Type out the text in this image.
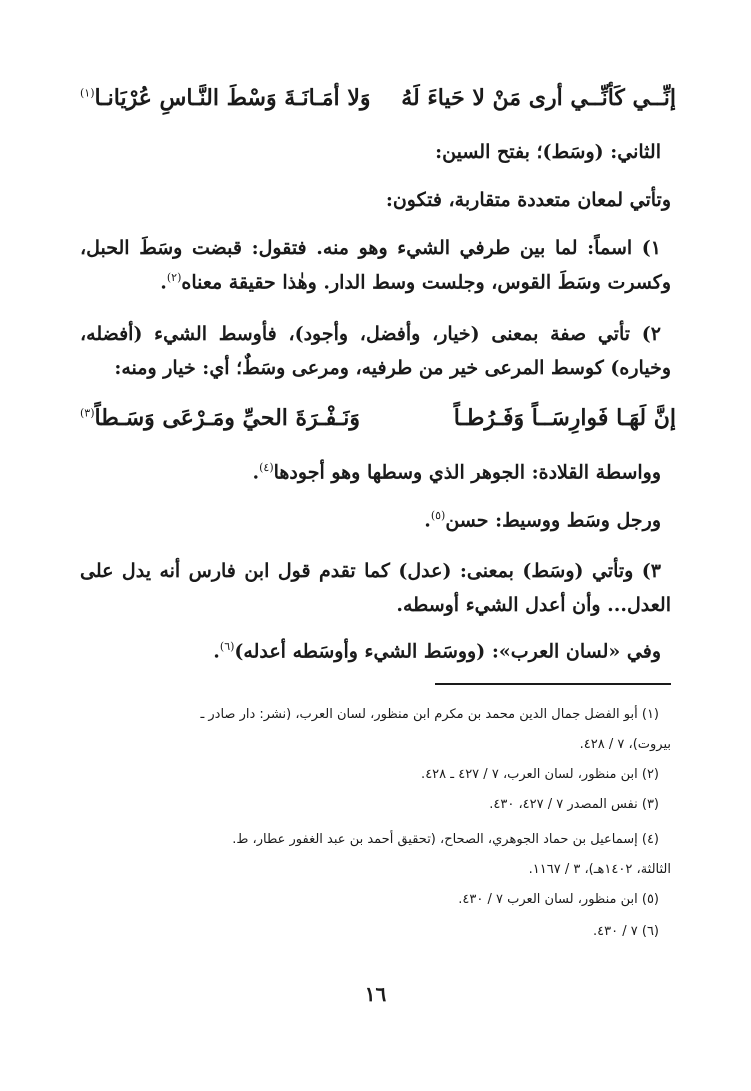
إنِّــي كَأنِّــي أرى مَنْ لا حَياءَ لَهُ
وَلا أمَـانَـةَ وَسْطَ النَّـاسِ عُرْيَانـا$^{(١)}$
الثاني: (وسَط)؛ بفتح السين:
وتأتي لمعان متعددة متقاربة، فتكون:
١) اسماً: لما بين طرفي الشيء وهو منه. فتقول: قبضت وسَطَ الحبل،
وكسرت وسَطَ القوس، وجلست وسط الدار. وهٰذا حقيقة معناه$^{(٢)}$.
٢) تأتي صفة بمعنى (خيار، وأفضل، وأجود)، فأوسط الشيء (أفضله،
وخياره) كوسط المرعى خير من طرفيه، ومرعى وسَطٌ؛ أي: خيار ومنه:
إنَّ لَهَـا فَوارِسَــاً وَفَـرُطـاً
وَنَـفْـرَةَ الحيِّ ومَـرْعَى وَسَـطاً$^{(٣)}$
وواسطة القلادة: الجوهر الذي وسطها وهو أجودها$^{(٤)}$.
ورجل وسَط ووسيط: حسن$^{(٥)}$.
٣) وتأتي (وسَط) بمعنى: (عدل) كما تقدم قول ابن فارس أنه يدل على
العدل... وأن أعدل الشيء أوسطه.
وفي «لسان العرب»: (ووسَط الشيء وأوسَطه أعدله)$^{(٦)}$.
(١) أبو الفضل جمال الدين محمد بن مكرم ابن منظور، لسان العرب، (نشر: دار صادر ـ
بيروت)، ٧ / ٤٢٨.
(٢) ابن منظور، لسان العرب، ٧ / ٤٢٧ ـ ٤٢٨.
(٣) نفس المصدر ٧ / ٤٢٧، ٤٣٠.
(٤) إسماعيل بن حماد الجوهري، الصحاح، (تحقيق أحمد بن عبد الغفور عطار، ط.
الثالثة، ١٤٠٢هـ)، ٣ / ١١٦٧.
(٥) ابن منظور، لسان العرب ٧ / ٤٣٠.
(٦) ٧ / ٤٣٠.
١٦
